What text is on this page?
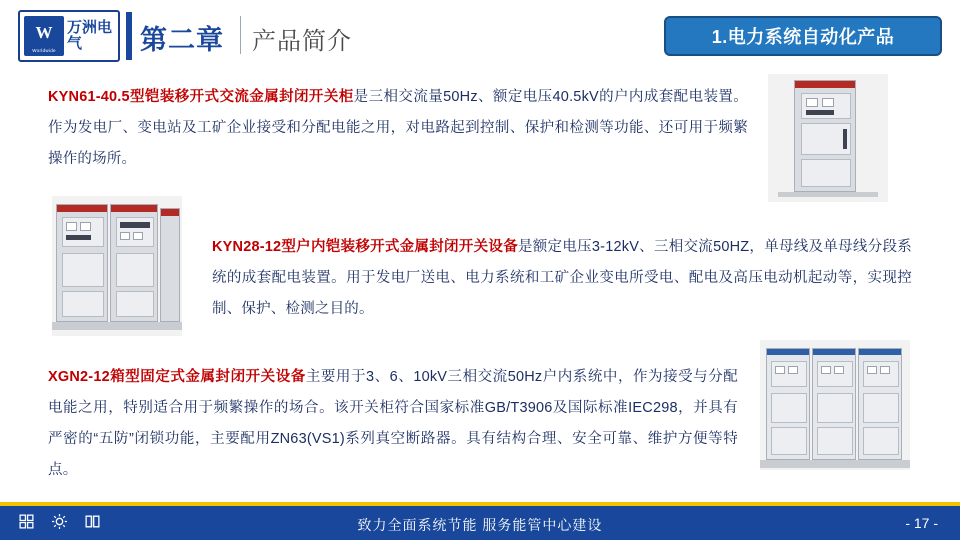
W
Worldwide
万洲电气	第二章 产品简介	1.电力系统自动化产品
KYN61-40.5型铠装移开式交流金属封闭开关柜是三相交流量50Hz、额定电压40.5kV的户内成套配电装置。作为发电厂、变电站及工矿企业接受和分配电能之用，对电路起到控制、保护和检测等功能、还可用于频繁操作的场所。
KYN28-12型户内铠装移开式金属封闭开关设备是额定电压3-12kV、三相交流50HZ，单母线及单母线分段系统的成套配电装置。用于发电厂送电、电力系统和工矿企业变电所受电、配电及高压电动机起动等，实现控制、保护、检测之目的。
XGN2-12箱型固定式金属封闭开关设备主要用于3、6、10kV三相交流50Hz户内系统中，作为接受与分配电能之用，特别适合用于频繁操作的场合。该开关柜符合国家标准GB/T3906及国际标准IEC298，并具有严密的“五防”闭锁功能，主要配用ZN63(VS1)系列真空断路器。具有结构合理、安全可靠、维护方便等特点。
致力全面系统节能 服务能管中心建设	- 17 -
